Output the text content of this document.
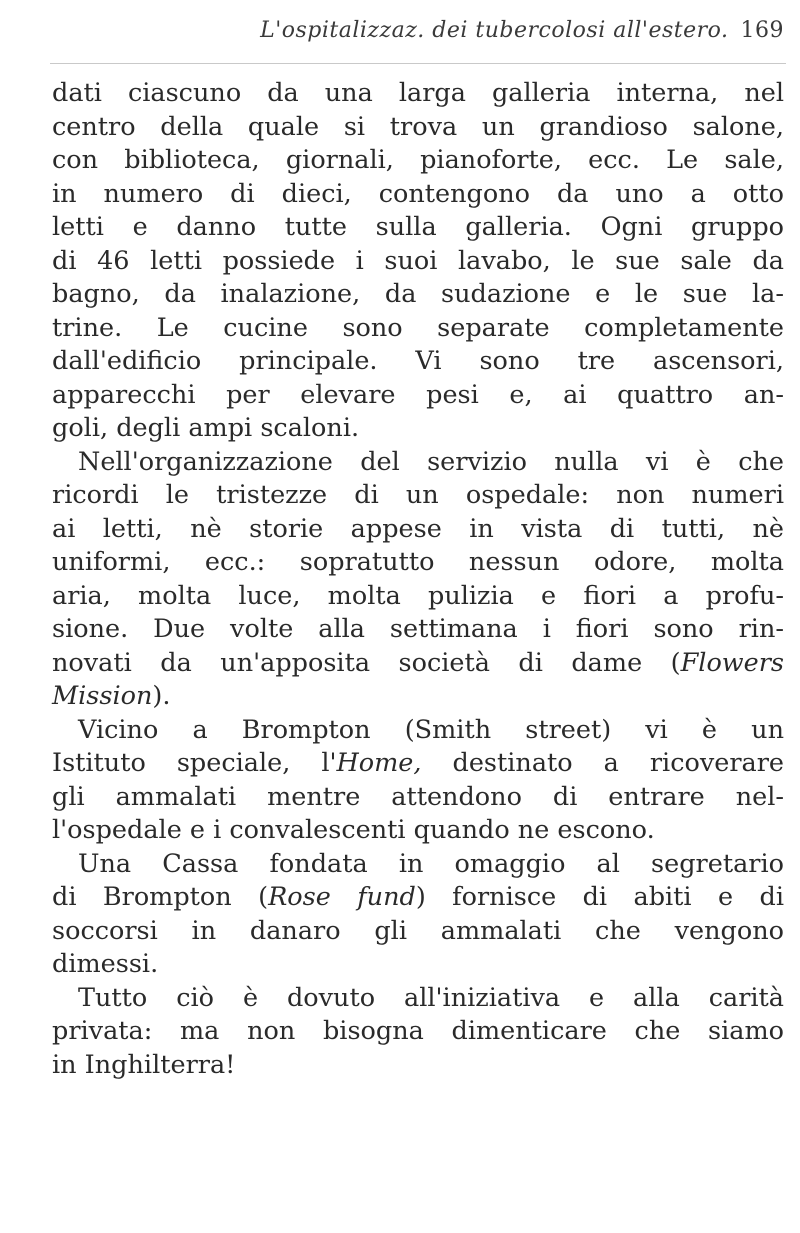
L'ospitalizzaz. dei tubercolosi all'estero. 169
dati ciascuno da una larga galleria interna, nel
centro della quale si trova un grandioso salone,
con biblioteca, giornali, pianoforte, ecc. Le sale,
in numero di dieci, contengono da uno a otto
letti e danno tutte sulla galleria. Ogni gruppo
di 46 letti possiede i suoi lavabo, le sue sale da
bagno, da inalazione, da sudazione e le sue la-
trine. Le cucine sono separate completamente
dall'edificio principale. Vi sono tre ascensori,
apparecchi per elevare pesi e, ai quattro an-
goli, degli ampi scaloni.
Nell'organizzazione del servizio nulla vi è che
ricordi le tristezze di un ospedale: non numeri
ai letti, nè storie appese in vista di tutti, nè
uniformi, ecc.: sopratutto nessun odore, molta
aria, molta luce, molta pulizia e fiori a profu-
sione. Due volte alla settimana i fiori sono rin-
novati da un'apposita società di dame (Flowers
Mission).
Vicino a Brompton (Smith street) vi è un
Istituto speciale, l'Home, destinato a ricoverare
gli ammalati mentre attendono di entrare nel-
l'ospedale e i convalescenti quando ne escono.
Una Cassa fondata in omaggio al segretario
di Brompton (Rose fund) fornisce di abiti e di
soccorsi in danaro gli ammalati che vengono
dimessi.
Tutto ciò è dovuto all'iniziativa e alla carità
privata: ma non bisogna dimenticare che siamo
in Inghilterra!
